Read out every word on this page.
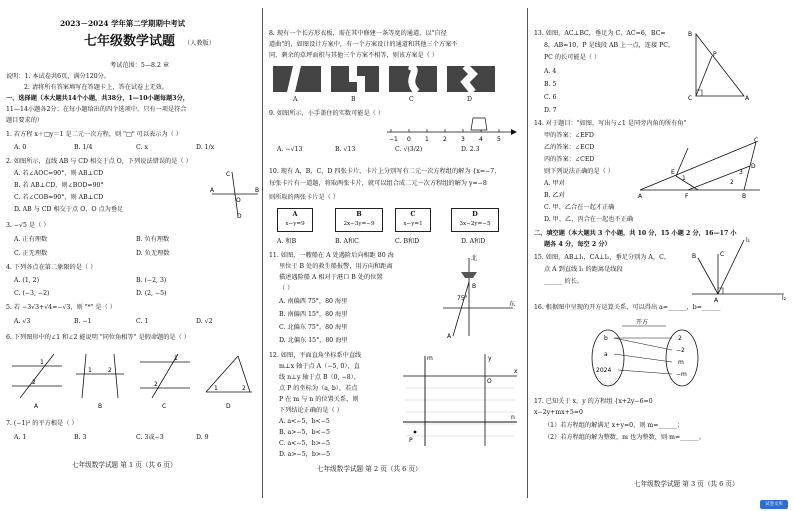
2023－2024 学年第二学期期中考试
七年级数学试题 （人教版）
考试范围：5—8.2 章
说明：1. 本试卷共6页，满分120分。
2. 请将所有答案填写在答题卡上，答在试卷上无效。
一、选择题（本大题共14个小题，共38分，1—10小题每题3分，
11—14小题各2分；在每小题给出的四个选项中，只有一项是符合
题目要求的）
1. 若方程 x＋□y＝1 是二元一次方程，则 "□" 可以表示为（ ）
A. 0	B. 1/4	C. x	D. 1/x
2. 如图所示，直线 AB 与 CD 相交于点 O，下列说法错误的是（ ）
A. 若∠AOC=90°，则 AB⊥CD
B. 若 AB⊥CD，则∠BOD=90°
C. 若∠COB=90°，则 AB⊥CD
D. AB 与 CD 相交于点 O，O 点为垂足
A	B
C
D
O
3. −√5 是（ ）
A. 正有理数	B. 负有理数
C. 正无理数	D. 负无理数
4. 下列各点在第二象限的是（ ）
A. (1, 2)	B. (−2, 3)
C. (−3, −2)	D. (2, −5)
5. 若 −3√3+√4=−√3，则 "*" 是（ ）
A. √3	B. −1	C. 1	D. √2
6. 下列图形中的∠1 和∠2 能说明 "同位角相等" 是假命题的是（ ）
1
2
A
1	2
B
1
2
C
1	2
D
7. (−1)² 的平方根是（ ）
A. 1	B. 3	C. 3或−3	D. 9
七年级数学试题 第 1 页（共 6 页）
8. 现有一个长方形衣板，需在其中修建一条等宽的通道，以"自径
道曲"的，如图设计方案中，有一个方案设计的通道和其他三个方案不
同，剩余的草坪面积与其他三个方案不相等，则该方案是（ ）
A	B	C	D
9. 如图所示，小手盖住的实数可能是（ ）
−1 0 1 2 3 4 5
A. −√13	B. √13	C. √(3/2)	D. 2.3
10. 现有 A，B，C，D 四张卡片，卡片上分别写有二元一次方程组的解为 {x=−7，
每张卡片有一道题，将取两张卡片，就可以组合成二元一次方程组的解为 y=−8
则所取的两张卡片是（ ）
A
x−y=9
B
2x−3y=−9
C
x−y=1
D
3x−2y=−5
A. 和B	B. A和C	C. B和D	D. A和D
11. 如图，一艘船在 A 处遇险后向相距 80 海
里位于 B 处的救生船报警，用方向和距离
描述遇险船 A 相对于港口 B 处的位置
（ ）
A. 南偏西 75°，80 海里
B. 南偏西 15°，80 海里
C. 北偏东 75°，80 海里
D. 北偏东 15°，80 海里
北
B
A
东
75°
12. 如图，平面直角坐标系中直线
m⊥x 轴于点 A（−5, 0），直
线 n⊥y 轴于点 B（0, −8），
点 P 的坐标为（a, b），若点
P 在 m 与 n 的位置关系，则
下列结论正确的是（ ）
A. a<−5，b<−5
B. a>−5，b<−5
C. a<−5，b>−5
D. a>−5，b>−5
m	y
x
n
P
O
七年级数学试题 第 2 页（共 6 页）
13. 如图，AC⊥BC，垂足为 C，AC=6，BC=
8，AB=10，P 是线段 AB 上一点，连接 PC，
PC 的长可能是（ ）
A. 4
B. 5
C. 6
D. 7
B
P
C	A
14. 对于题目："如图，写出与∠1 是同旁内角的所有角"
甲的答案：∠EFD
乙的答案：∠ECD
丙的答案：∠CED
则下列说法正确的是（ ）
A. 甲对
B. 乙对
C. 甲、乙合在一起才正确
D. 甲、乙、丙合在一起也不正确
A
E
1
F	B
C
D
2
3
二、填空题（本大题共 3 个小题，共 10 分，15 小题 2 分，16—17 小
题各 4 分，每空 2 分）
15. 如图，AB⊥l₁，CA⊥l₂，垂足分别为 A，C，
点 A 到直线 l₁ 的距离是线段
______ 的长。
l₁
B	C
A	l₂
16. 根据图中呈现的开方运算关系，可以得出 a=______，b=______
开方
b
a
2024
2
−2
m
−m
17. 已知关于 x，y 的方程组 {x+2y−6=0
x−2y+mx+5=0
（1）若方程组的解满足 x+y=0，则 m=______；
（2）若方程组的解为整数，m 也为整数，则 m=______。
七年级数学试题 第 3 页（共 6 页）
试卷文库
